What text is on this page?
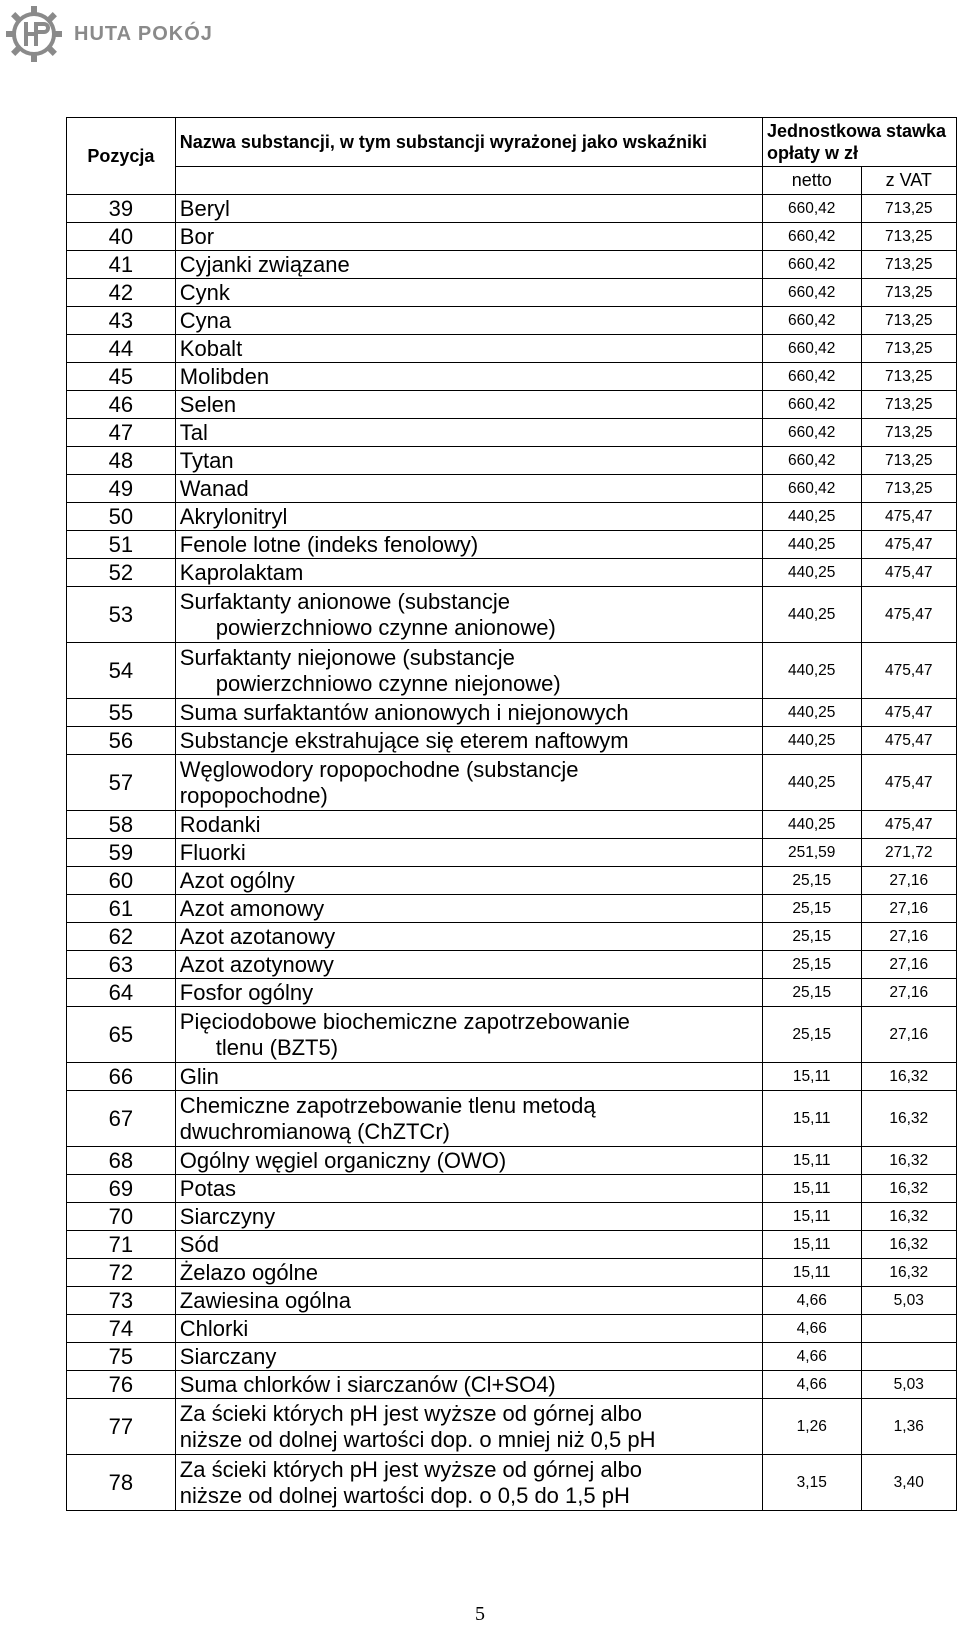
HUTA POKÓJ
Pozycja	Nazwa substancji, w tym substancji wyrażonej jako wskaźniki	Jednostkowa stawka opłaty w zł	
		netto	z VAT
39	Beryl	660,42	713,25
40	Bor	660,42	713,25
41	Cyjanki związane	660,42	713,25
42	Cynk	660,42	713,25
43	Cyna	660,42	713,25
44	Kobalt	660,42	713,25
45	Molibden	660,42	713,25
46	Selen	660,42	713,25
47	Tal	660,42	713,25
48	Tytan	660,42	713,25
49	Wanad	660,42	713,25
50	Akrylonitryl	440,25	475,47
51	Fenole lotne (indeks fenolowy)	440,25	475,47
52	Kaprolaktam	440,25	475,47
53	Surfaktanty anionowe (substancje
powierzchniowo czynne anionowe)	440,25	475,47
54	Surfaktanty niejonowe (substancje
powierzchniowo czynne niejonowe)	440,25	475,47
55	Suma surfaktantów anionowych i niejonowych	440,25	475,47
56	Substancje ekstrahujące się eterem naftowym	440,25	475,47
57	Węglowodory ropopochodne (substancje
ropopochodne)	440,25	475,47
58	Rodanki	440,25	475,47
59	Fluorki	251,59	271,72
60	Azot ogólny	25,15	27,16
61	Azot amonowy	25,15	27,16
62	Azot azotanowy	25,15	27,16
63	Azot azotynowy	25,15	27,16
64	Fosfor ogólny	25,15	27,16
65	Pięciodobowe biochemiczne zapotrzebowanie
tlenu (BZT5)	25,15	27,16
66	Glin	15,11	16,32
67	Chemiczne zapotrzebowanie tlenu metodą
dwuchromianową (ChZTCr)	15,11	16,32
68	Ogólny węgiel organiczny (OWO)	15,11	16,32
69	Potas	15,11	16,32
70	Siarczyny	15,11	16,32
71	Sód	15,11	16,32
72	Żelazo ogólne	15,11	16,32
73	Zawiesina ogólna	4,66	5,03
74	Chlorki	4,66	
75	Siarczany	4,66	
76	Suma chlorków i siarczanów (Cl+SO4)	4,66	5,03
77	Za ścieki których pH jest wyższe od górnej albo
niższe od dolnej wartości dop. o mniej niż 0,5 pH	1,26	1,36
78	Za ścieki których pH jest wyższe od górnej albo
niższe od dolnej wartości dop. o 0,5 do 1,5 pH	3,15	3,40
5
